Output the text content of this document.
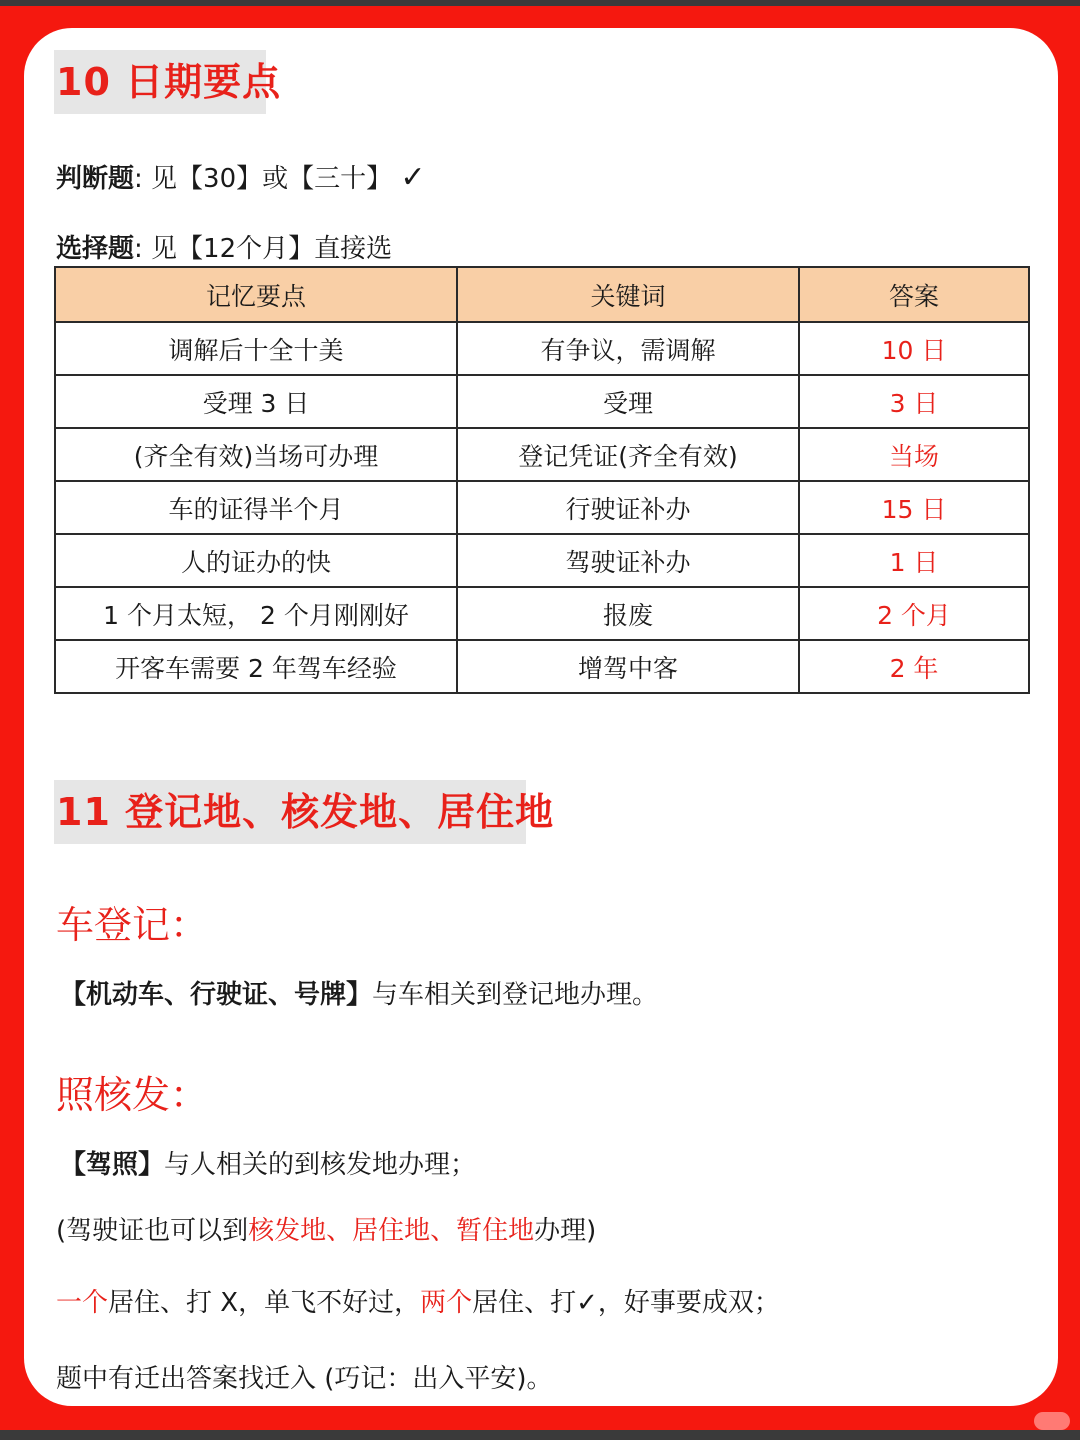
10 日期要点
判断题: 见【30】或【三十】 ✓
选择题: 见【12个月】直接选
记忆要点	关键词	答案
调解后十全十美	有争议，需调解	10 日
受理 3 日	受理	3 日
(齐全有效)当场可办理	登记凭证(齐全有效)	当场
车的证得半个月	行驶证补办	15 日
人的证办的快	驾驶证补办	1 日
1 个月太短， 2 个月刚刚好	报废	2 个月
开客车需要 2 年驾车经验	增驾中客	2 年
11 登记地、核发地、居住地
车登记：
【机动车、行驶证、号牌】与车相关到登记地办理。
照核发：
【驾照】与人相关的到核发地办理；
(驾驶证也可以到核发地、居住地、暂住地办理)
一个居住、打 X，单飞不好过，两个居住、打✓，好事要成双；
题中有迁出答案找迁入 (巧记：出入平安)。
